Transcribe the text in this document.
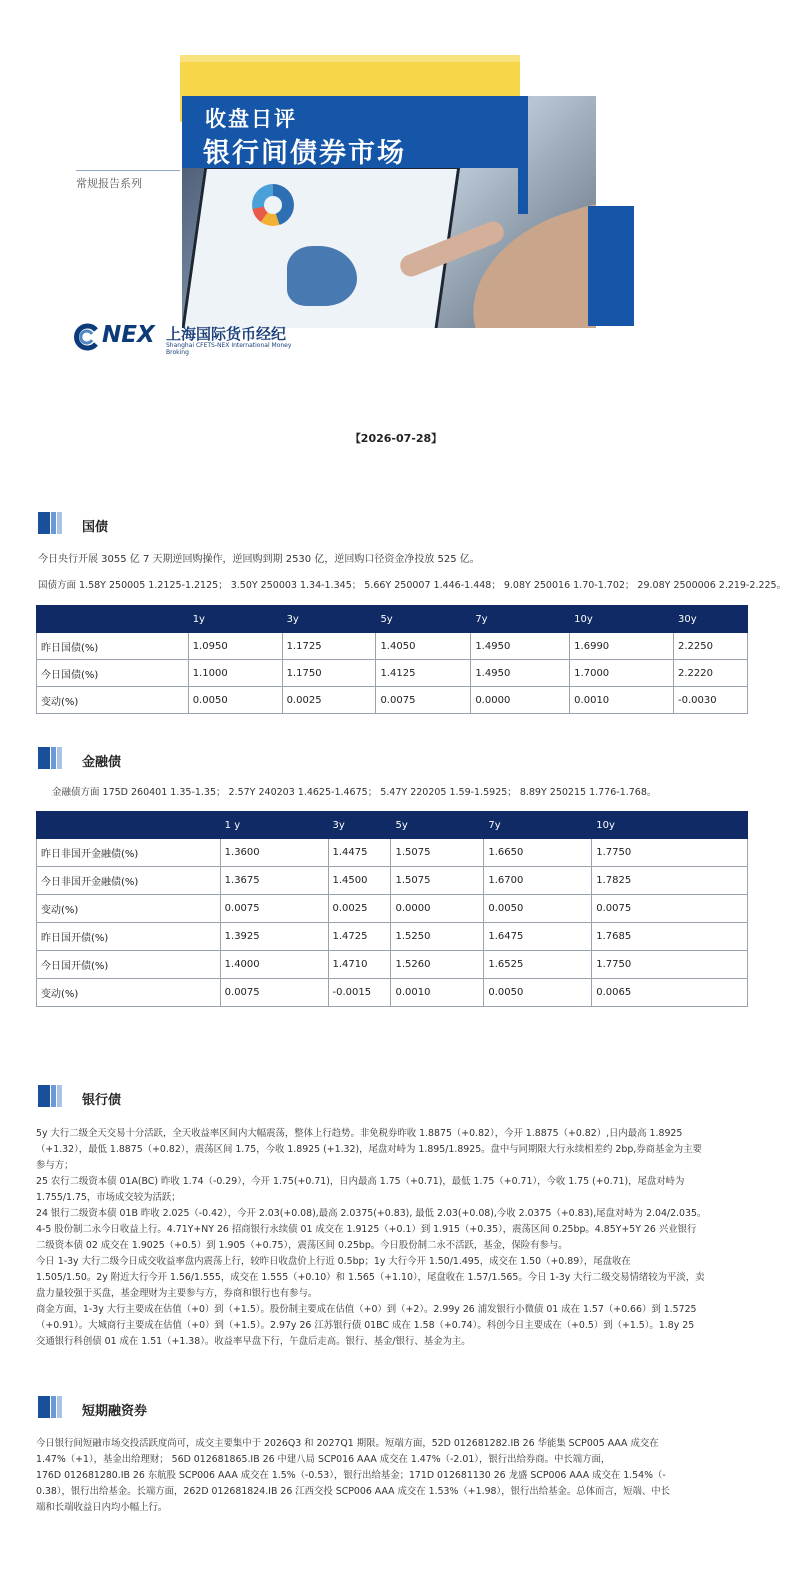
收盘日评
银行间债券市场
常规报告系列
NEX 上海国际货币经纪
Shanghai CFETS-NEX International Money Broking
【2026-07-28】
国债
今日央行开展 3055 亿 7 天期逆回购操作，逆回购到期 2530 亿，逆回购口径资金净投放 525 亿。
国债方面 1.58Y 250005 1.2125-1.2125； 3.50Y 250003 1.34-1.345； 5.66Y 250007 1.446-1.448； 9.08Y 250016 1.70-1.702； 29.08Y 2500006 2.219-2.225。
	1y	3y	5y	7y	10y	30y
昨日国债(%)	1.0950	1.1725	1.4050	1.4950	1.6990	2.2250
今日国债(%)	1.1000	1.1750	1.4125	1.4950	1.7000	2.2220
变动(%)	0.0050	0.0025	0.0075	0.0000	0.0010	-0.0030
金融债
金融债方面 175D 260401 1.35-1.35； 2.57Y 240203 1.4625-1.4675； 5.47Y 220205 1.59-1.5925； 8.89Y 250215 1.776-1.768。
	1 y	3y	5y	7y	10y
昨日非国开金融债(%)	1.3600	1.4475	1.5075	1.6650	1.7750
今日非国开金融债(%)	1.3675	1.4500	1.5075	1.6700	1.7825
变动(%)	0.0075	0.0025	0.0000	0.0050	0.0075
昨日国开债(%)	1.3925	1.4725	1.5250	1.6475	1.7685
今日国开债(%)	1.4000	1.4710	1.5260	1.6525	1.7750
变动(%)	0.0075	-0.0015	0.0010	0.0050	0.0065
银行债
5y 大行二级全天交易十分活跃，全天收益率区间内大幅震荡，整体上行趋势。非免税券昨收 1.8875（+0.82），今开 1.8875（+0.82）,日内最高 1.8925
（+1.32），最低 1.8875（+0.82），震荡区间 1.75，今收 1.8925 (+1.32)，尾盘对峙为 1.895/1.8925。盘中与同期限大行永续相差约 2bp,券商基金为主要
参与方；
25 农行二级资本债 01A(BC) 昨收 1.74（-0.29），今开 1.75(+0.71)，日内最高 1.75（+0.71)，最低 1.75（+0.71），今收 1.75 (+0.71)，尾盘对峙为
1.755/1.75，市场成交较为活跃；
24 银行二级资本债 01B 昨收 2.025（-0.42），今开 2.03(+0.08),最高 2.0375(+0.83), 最低 2.03(+0.08),今收 2.0375（+0.83),尾盘对峙为 2.04/2.035。
4-5 股份制二永今日收益上行。4.71Y+NY 26 招商银行永续债 01 成交在 1.9125（+0.1）到 1.915（+0.35），震荡区间 0.25bp。4.85Y+5Y 26 兴业银行
二级资本债 02 成交在 1.9025（+0.5）到 1.905（+0.75），震荡区间 0.25bp。今日股份制二永不活跃，基金，保险有参与。
今日 1-3y 大行二级今日成交收益率盘内震荡上行，较昨日收盘价上行近 0.5bp；1y 大行今开 1.50/1.495，成交在 1.50（+0.89），尾盘收在
1.505/1.50。2y 附近大行今开 1.56/1.555，成交在 1.555（+0.10）和 1.565（+1.10），尾盘收在 1.57/1.565。今日 1-3y 大行二级交易情绪较为平淡，卖
盘力量较强于买盘，基金理财为主要参与方，券商和银行也有参与。
商金方面，1-3y 大行主要成在估值（+0）到（+1.5）。股份制主要成在估值（+0）到（+2）。2.99y 26 浦发银行小微债 01 成在 1.57（+0.66）到 1.5725
（+0.91）。大城商行主要成在估值（+0）到（+1.5）。2.97y 26 江苏银行债 01BC 成在 1.58（+0.74）。科创今日主要成在（+0.5）到（+1.5）。1.8y 25
交通银行科创债 01 成在 1.51（+1.38）。收益率早盘下行，午盘后走高。银行、基金/银行、基金为主。
短期融资券
今日银行间短融市场交投活跃度尚可，成交主要集中于 2026Q3 和 2027Q1 期限。短端方面，52D 012681282.IB 26 华能集 SCP005 AAA 成交在
1.47%（+1），基金出给理财； 56D 012681865.IB 26 中建八局 SCP016 AAA 成交在 1.47%（-2.01），银行出给券商。中长端方面，
176D 012681280.IB 26 东航股 SCP006 AAA 成交在 1.5%（-0.53），银行出给基金；171D 012681130 26 龙盛 SCP006 AAA 成交在 1.54%（-
0.38），银行出给基金。长端方面，262D 012681824.IB 26 江西交投 SCP006 AAA 成交在 1.53%（+1.98），银行出给基金。总体而言，短端、中长
端和长端收益日内均小幅上行。
